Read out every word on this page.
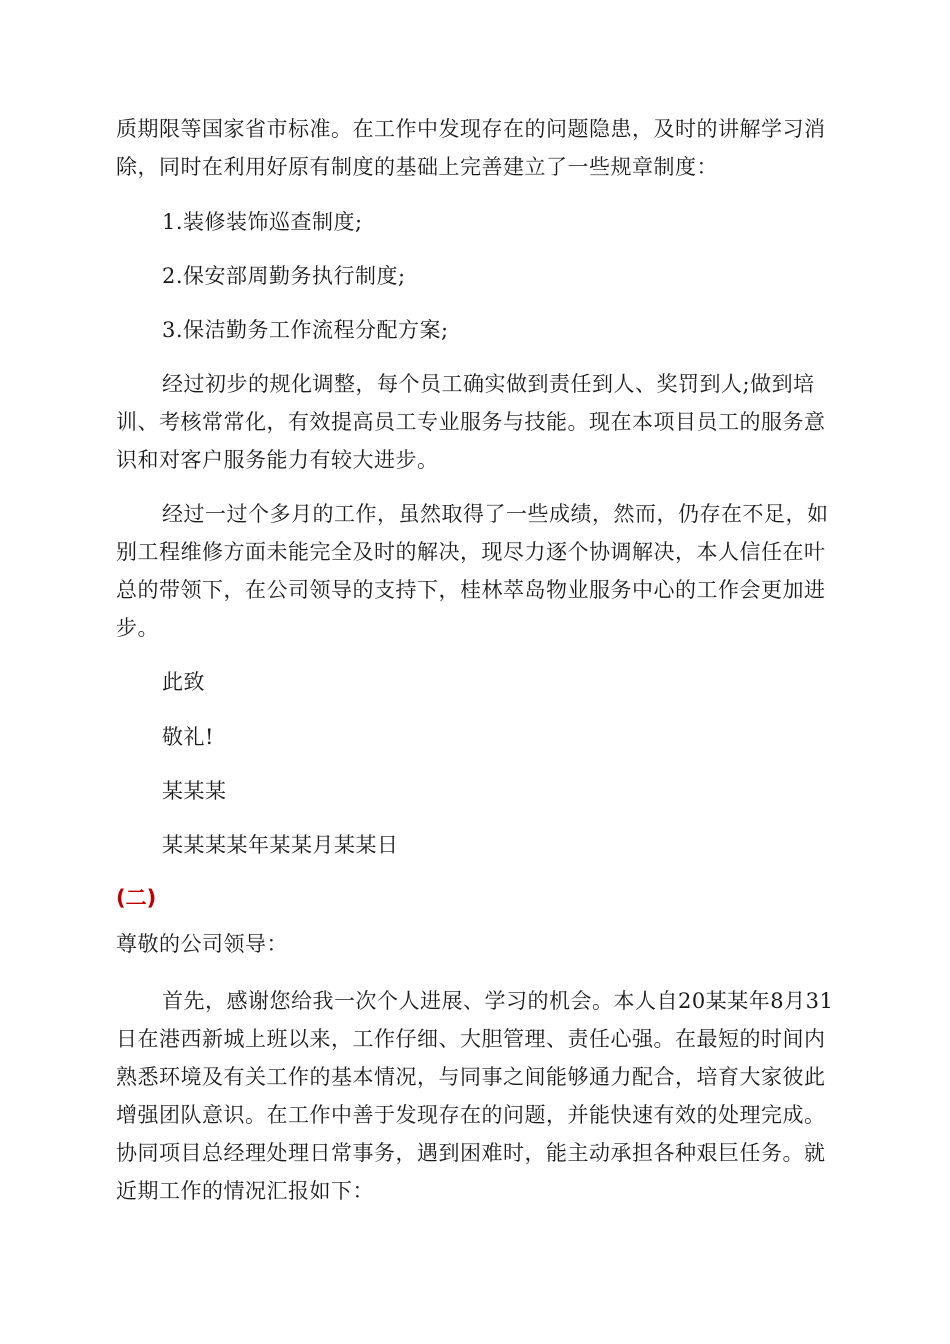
质期限等国家省市标准。在工作中发现存在的问题隐患，及时的讲解学习消除，同时在利用好原有制度的基础上完善建立了一些规章制度：

1.装修装饰巡查制度;

2.保安部周勤务执行制度;

3.保洁勤务工作流程分配方案;

经过初步的规化调整，每个员工确实做到责任到人、奖罚到人;做到培训、考核常常化，有效提高员工专业服务与技能。现在本项目员工的服务意识和对客户服务能力有较大进步。

经过一过个多月的工作，虽然取得了一些成绩，然而，仍存在不足，如别工程维修方面未能完全及时的解决，现尽力逐个协调解决，本人信任在叶总的带领下，在公司领导的支持下，桂林萃岛物业服务中心的工作会更加进步。

此致

敬礼!

某某某

某某某某年某某月某某日

(二)

尊敬的公司领导：

首先，感谢您给我一次个人进展、学习的机会。本人自20某某年8月31日在港西新城上班以来，工作仔细、大胆管理、责任心强。在最短的时间内熟悉环境及有关工作的基本情况，与同事之间能够通力配合，培育大家彼此增强团队意识。在工作中善于发现存在的问题，并能快速有效的处理完成。协同项目总经理处理日常事务，遇到困难时，能主动承担各种艰巨任务。就近期工作的情况汇报如下：
